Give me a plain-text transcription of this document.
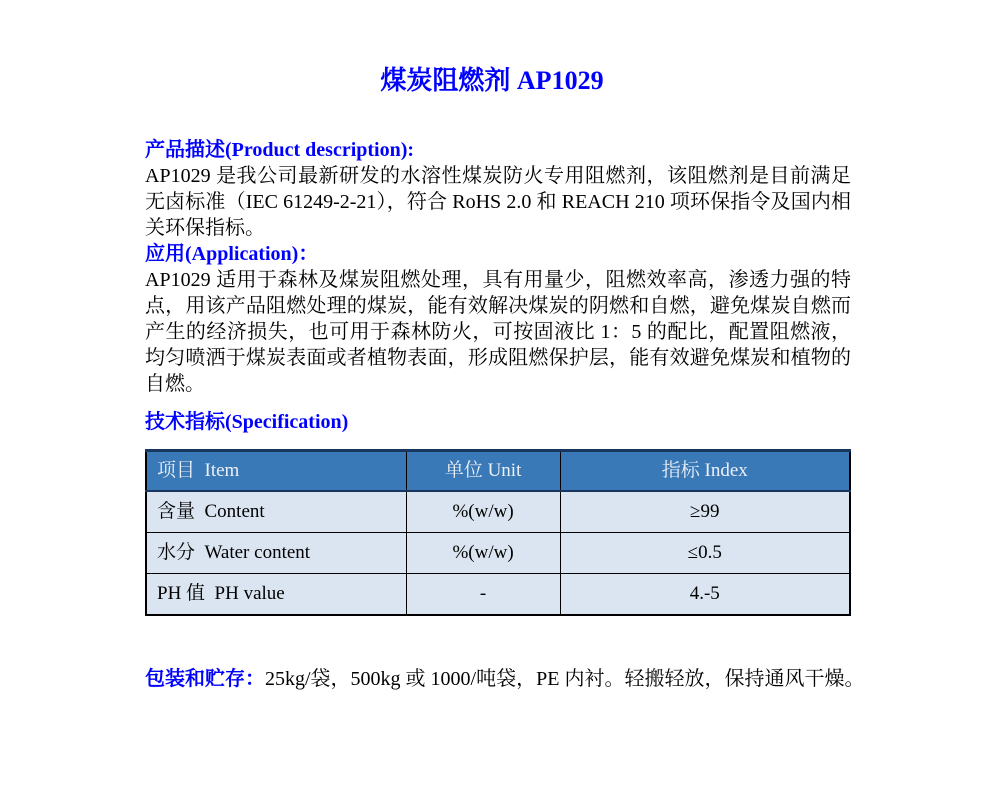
煤炭阻燃剂 AP1029
产品描述(Product description):

AP1029 是我公司最新研发的水溶性煤炭防火专用阻燃剂，该阻燃剂是目前满足无卤标准（IEC 61249-2-21），符合 RoHS 2.0 和 REACH 210 项环保指令及国内相关环保指标。

应用(Application)：

AP1029 适用于森林及煤炭阻燃处理，具有用量少，阻燃效率高，渗透力强的特点，用该产品阻燃处理的煤炭，能有效解决煤炭的阴燃和自燃，避免煤炭自燃而产生的经济损失，也可用于森林防火，可按固液比 1：5 的配比，配置阻燃液，均匀喷洒于煤炭表面或者植物表面，形成阻燃保护层，能有效避免煤炭和植物的自燃。

技术指标(Specification)
项目  Item	单位 Unit	指标 Index
含量  Content	%(w/w)	≥99
水分  Water content	%(w/w)	≤0.5
PH 值  PH value	-	4.-5
包装和贮存：25kg/袋，500kg 或 1000/吨袋，PE 内衬。轻搬轻放，保持通风干燥。
